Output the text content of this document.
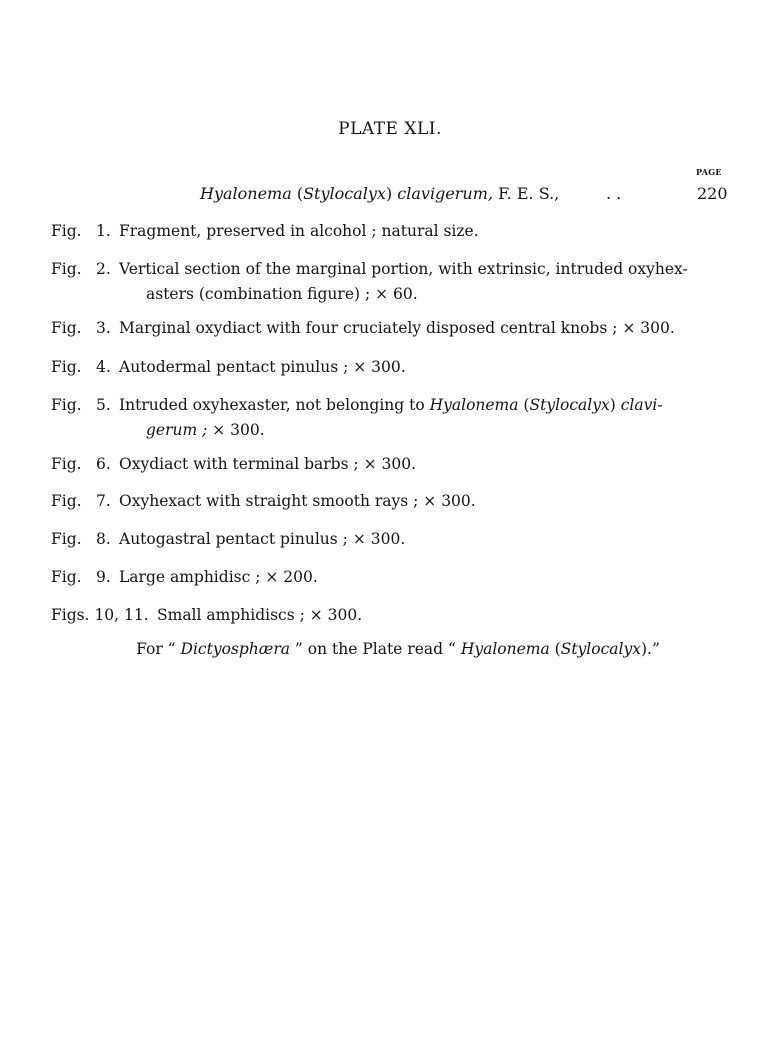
PLATE XLI.
PAGE
Hyalonema (Stylocalyx) clavigerum, F. E. S.,	. .	220
Fig. 1. Fragment, preserved in alcohol ; natural size.
Fig. 2. Vertical section of the marginal portion, with extrinsic, intruded oxyhex-
asters (combination figure) ; × 60.
Fig. 3. Marginal oxydiact with four cruciately disposed central knobs ; × 300.
Fig. 4. Autodermal pentact pinulus ; × 300.
Fig. 5. Intruded oxyhexaster, not belonging to Hyalonema (Stylocalyx) clavi-
gerum ; × 300.
Fig. 6. Oxydiact with terminal barbs ; × 300.
Fig. 7. Oxyhexact with straight smooth rays ; × 300.
Fig. 8. Autogastral pentact pinulus ; × 300.
Fig. 9. Large amphidisc ; × 200.
Figs. 10, 11. Small amphidiscs ; × 300.
For “ Dictyosphæra ” on the Plate read “ Hyalonema (Stylocalyx).”
